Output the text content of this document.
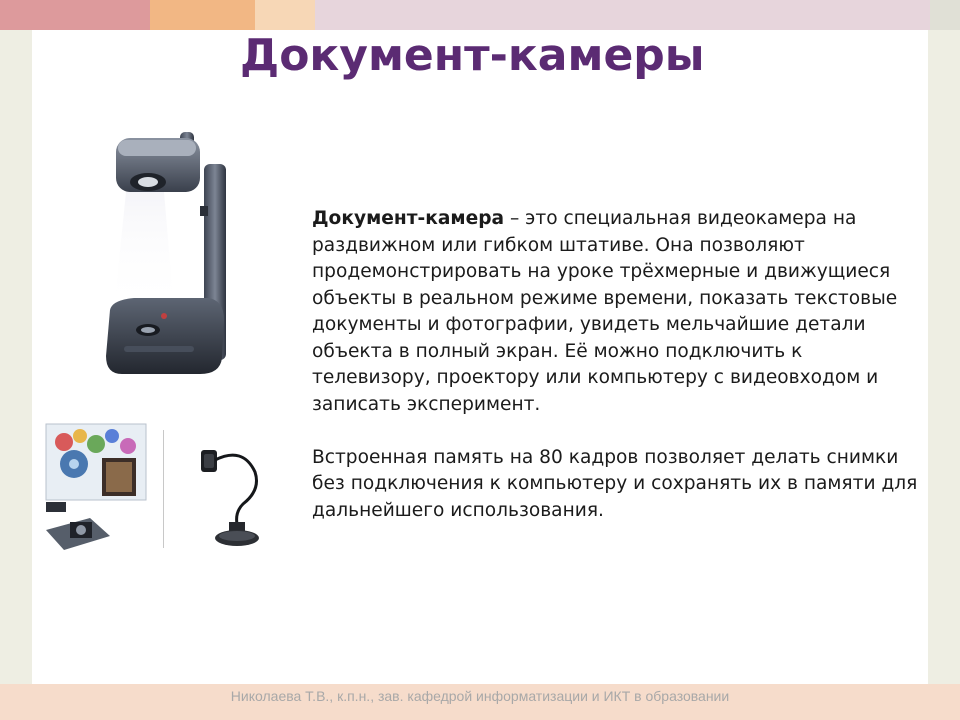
Документ-камеры

Документ-камера – это специальная видеокамера на раздвижном или гибком штативе. Она позволяют продемонстрировать на уроке трёхмерные и движущиеся объекты в реальном режиме времени, показать текстовые документы и фотографии, увидеть мельчайшие детали объекта в полный экран. Её можно подключить к телевизору, проектору или компьютеру с видеовходом и записать эксперимент.

Встроенная память на 80 кадров позволяет делать снимки без подключения к компьютеру и сохранять их в памяти для дальнейшего использования.

Николаева Т.В., к.п.н., зав. кафедрой информатизации и ИКТ в образовании
